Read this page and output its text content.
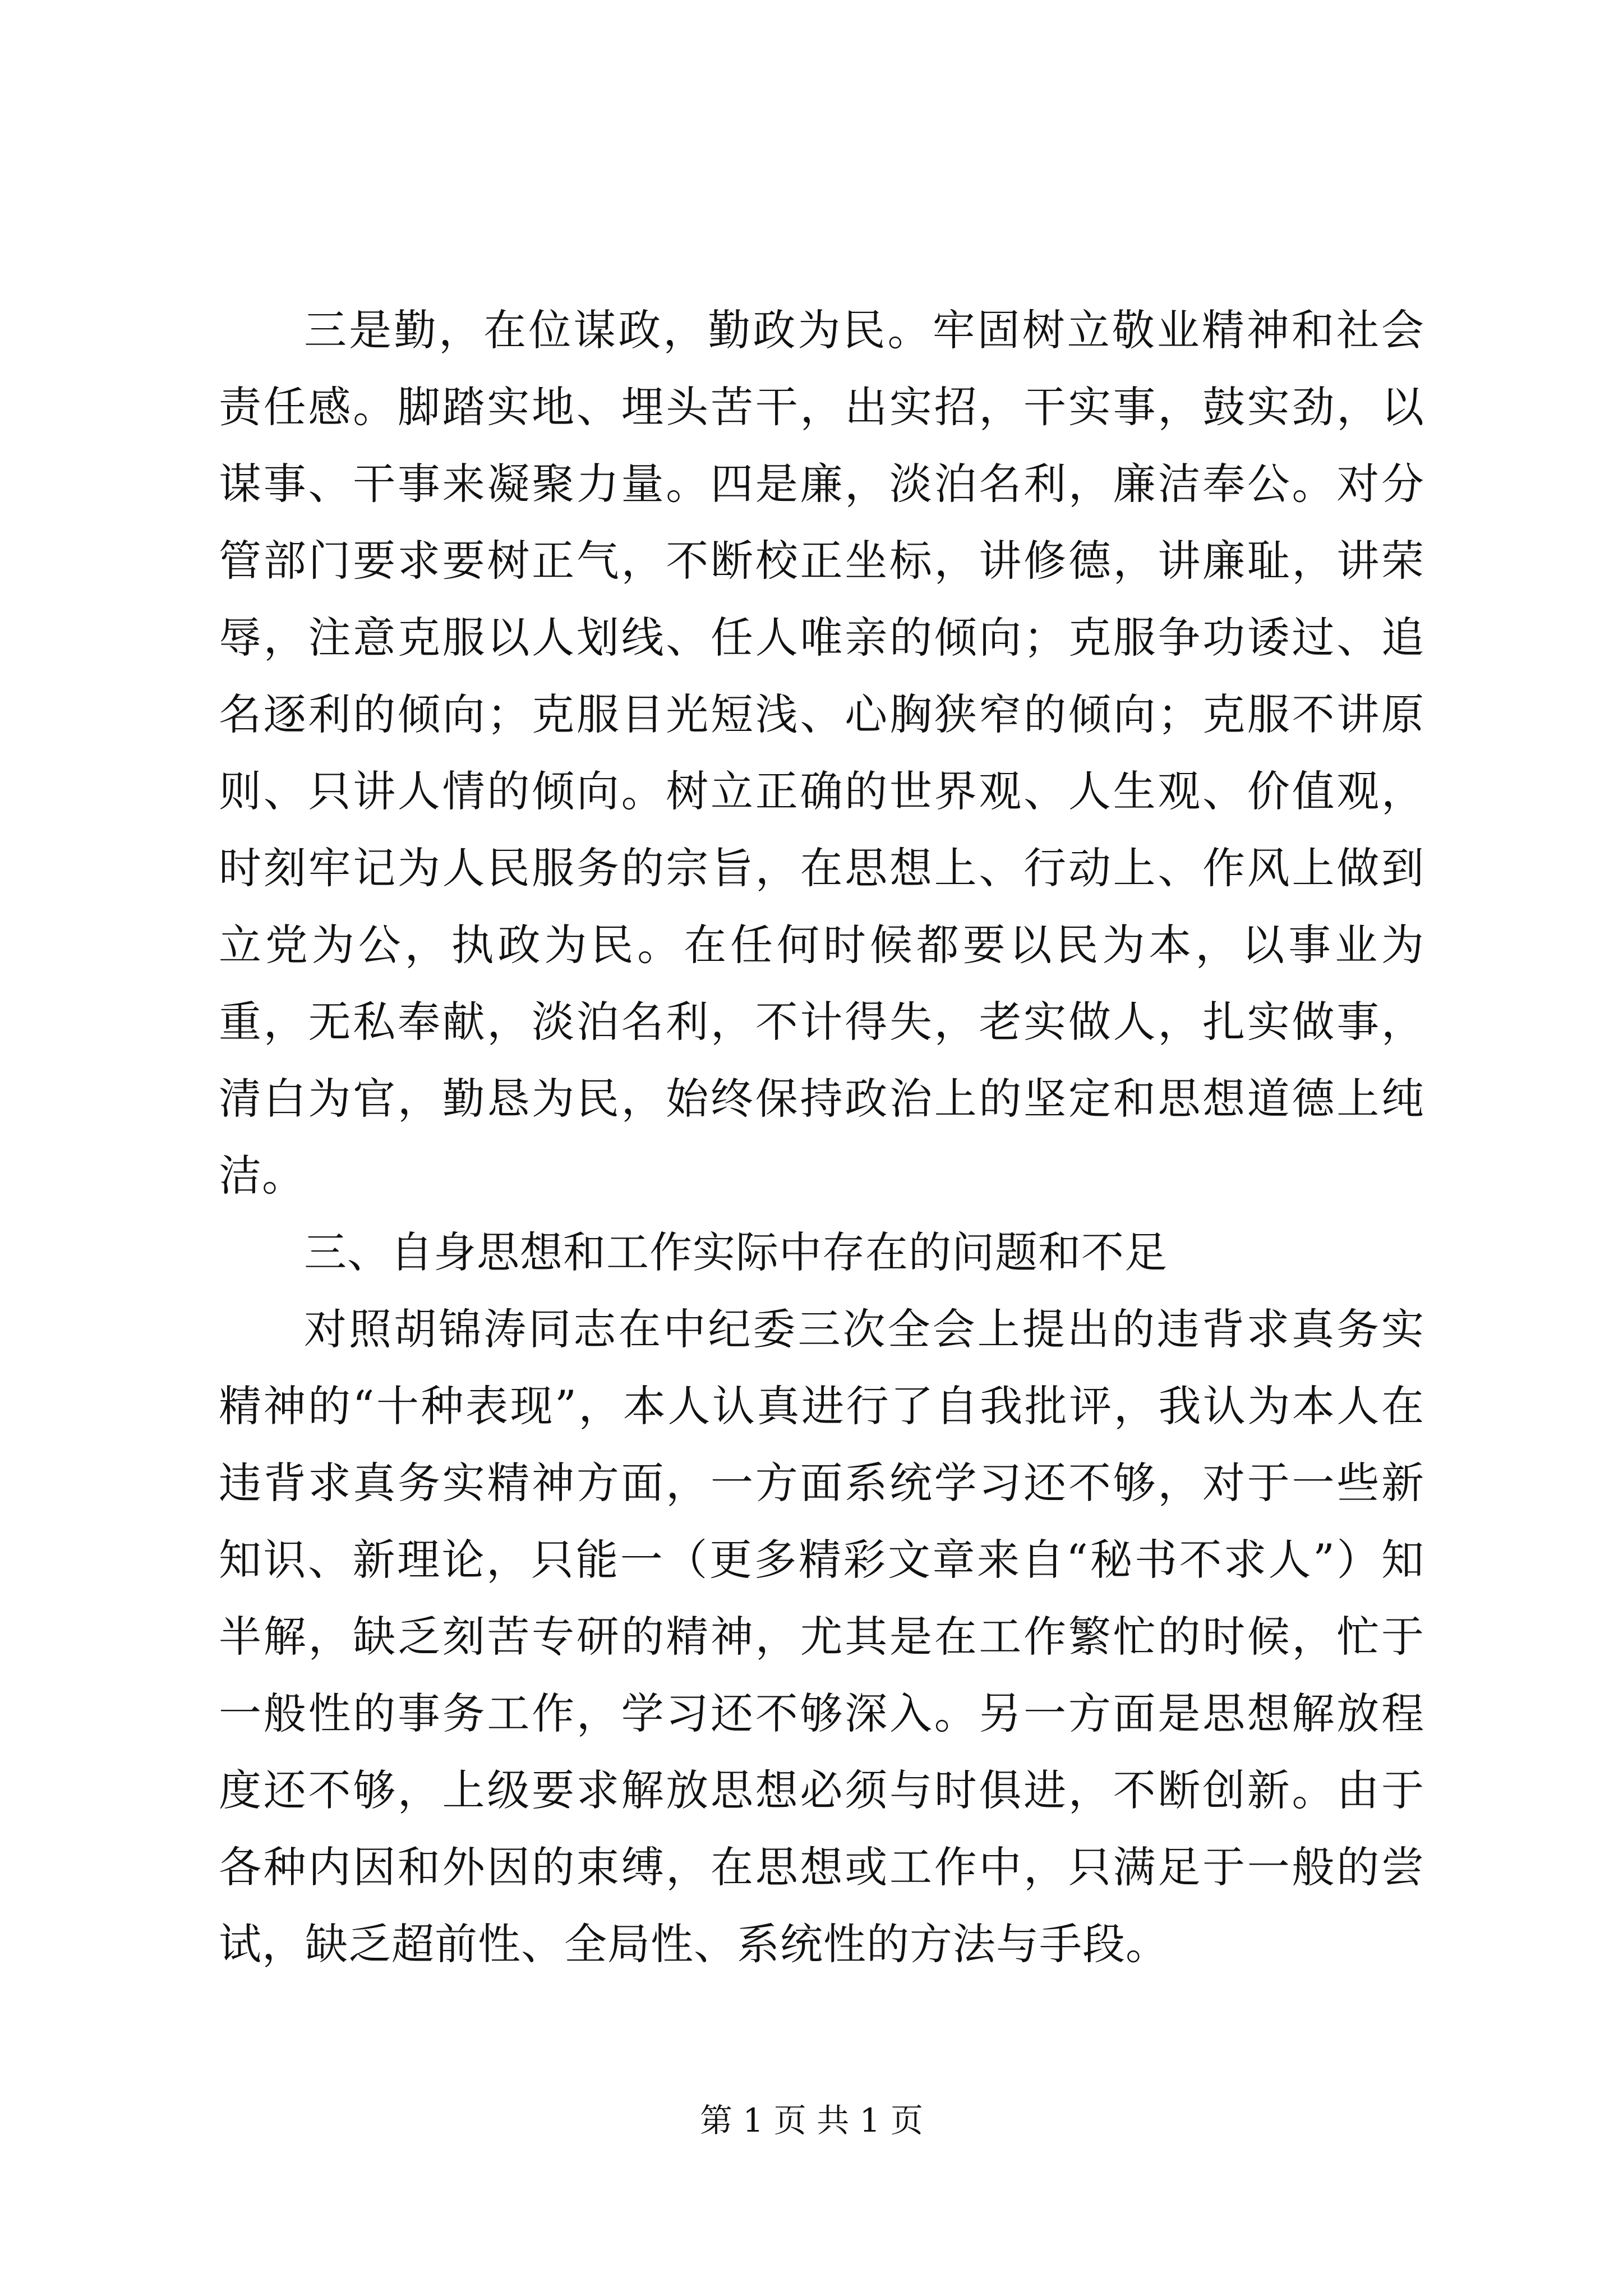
三是勤，在位谋政，勤政为民。牢固树立敬业精神和社会责任感。脚踏实地、埋头苦干，出实招，干实事，鼓实劲，以谋事、干事来凝聚力量。四是廉，淡泊名利，廉洁奉公。对分管部门要求要树正气，不断校正坐标，讲修德，讲廉耻，讲荣辱，注意克服以人划线、任人唯亲的倾向；克服争功诿过、追名逐利的倾向；克服目光短浅、心胸狭窄的倾向；克服不讲原则、只讲人情的倾向。树立正确的世界观、人生观、价值观，时刻牢记为人民服务的宗旨，在思想上、行动上、作风上做到立党为公，执政为民。在任何时候都要以民为本，以事业为重，无私奉献，淡泊名利，不计得失，老实做人，扎实做事，清白为官，勤恳为民，始终保持政治上的坚定和思想道德上纯洁。

三、自身思想和工作实际中存在的问题和不足

对照胡锦涛同志在中纪委三次全会上提出的违背求真务实精神的“十种表现”，本人认真进行了自我批评，我认为本人在违背求真务实精神方面，一方面系统学习还不够，对于一些新知识、新理论，只能一（更多精彩文章来自“秘书不求人”）知半解，缺乏刻苦专研的精神，尤其是在工作繁忙的时候，忙于一般性的事务工作，学习还不够深入。另一方面是思想解放程度还不够，上级要求解放思想必须与时俱进，不断创新。由于各种内因和外因的束缚，在思想或工作中，只满足于一般的尝试，缺乏超前性、全局性、系统性的方法与手段。

第 1 页 共 1 页
